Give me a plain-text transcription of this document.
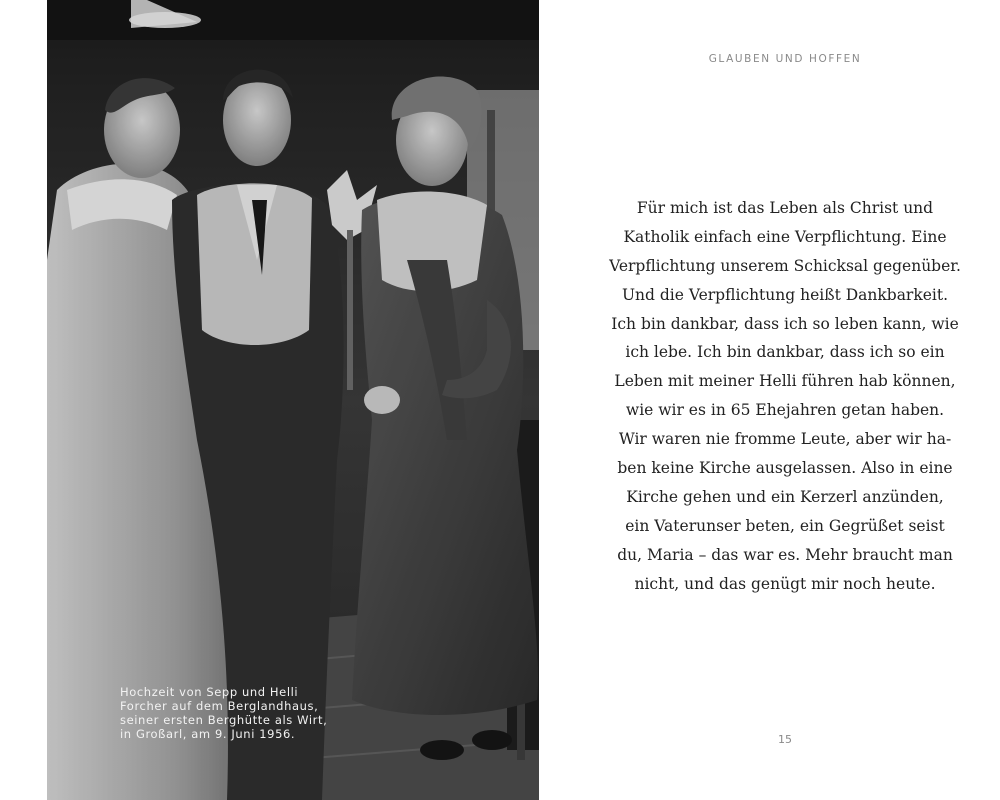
Hochzeit von Sepp und Helli
Forcher auf dem Berglandhaus,
seiner ersten Berghütte als Wirt,
in Großarl, am 9. Juni 1956.

GLAUBEN UND HOFFEN
Für mich ist das Leben als Christ und
Katholik einfach eine Verpflichtung. Eine
Verpflichtung unserem Schicksal gegenüber.
Und die Verpflichtung heißt Dankbarkeit.
Ich bin dankbar, dass ich so leben kann, wie
ich lebe. Ich bin dankbar, dass ich so ein
Leben mit meiner Helli führen hab können,
wie wir es in 65 Ehejahren getan haben.
Wir waren nie fromme Leute, aber wir ha-
ben keine Kirche ausgelassen. Also in eine
Kirche gehen und ein Kerzerl anzünden,
ein Vaterunser beten, ein Gegrüßet seist
du, Maria – das war es. Mehr braucht man
nicht, und das genügt mir noch heute.
15
